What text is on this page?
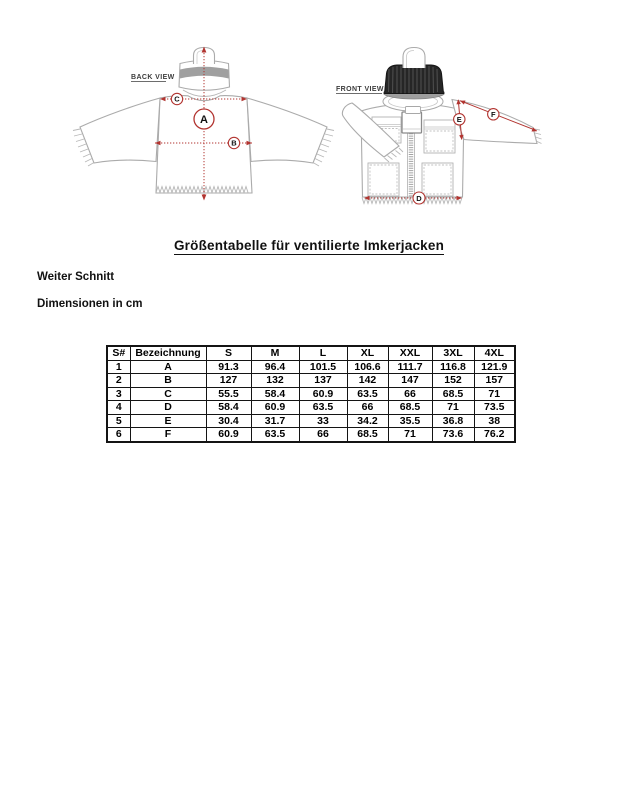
A
C
B
BACK VIEW
D
E
F
FRONT VIEW
Größentabelle für ventilierte Imkerjacken
Weiter Schnitt
Dimensionen in cm
S#	Bezeichnung	S	M	L	XL	XXL	3XL	4XL
1	A	91.3	96.4	101.5	106.6	111.7	116.8	121.9
2	B	127	132	137	142	147	152	157
3	C	55.5	58.4	60.9	63.5	66	68.5	71
4	D	58.4	60.9	63.5	66	68.5	71	73.5
5	E	30.4	31.7	33	34.2	35.5	36.8	38
6	F	60.9	63.5	66	68.5	71	73.6	76.2
